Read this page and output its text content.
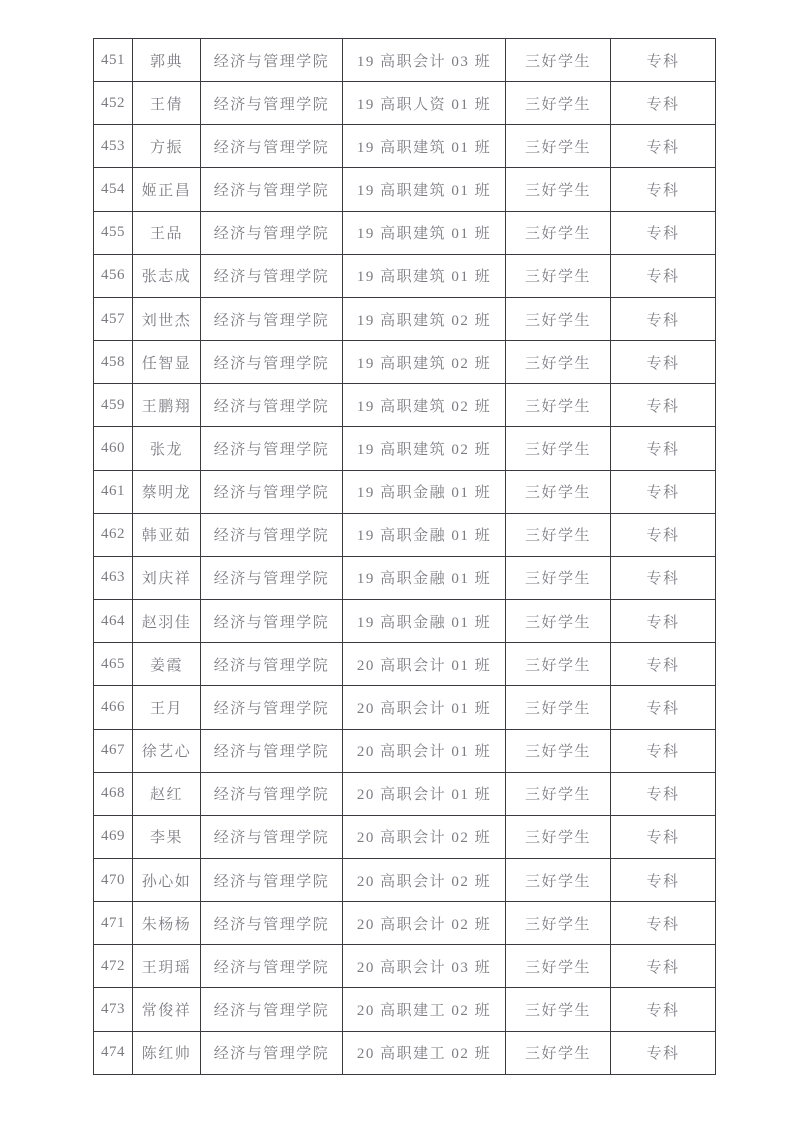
451	郭典	经济与管理学院	19 高职会计 03 班	三好学生	专科
452	王倩	经济与管理学院	19 高职人资 01 班	三好学生	专科
453	方振	经济与管理学院	19 高职建筑 01 班	三好学生	专科
454	姬正昌	经济与管理学院	19 高职建筑 01 班	三好学生	专科
455	王品	经济与管理学院	19 高职建筑 01 班	三好学生	专科
456	张志成	经济与管理学院	19 高职建筑 01 班	三好学生	专科
457	刘世杰	经济与管理学院	19 高职建筑 02 班	三好学生	专科
458	任智显	经济与管理学院	19 高职建筑 02 班	三好学生	专科
459	王鹏翔	经济与管理学院	19 高职建筑 02 班	三好学生	专科
460	张龙	经济与管理学院	19 高职建筑 02 班	三好学生	专科
461	蔡明龙	经济与管理学院	19 高职金融 01 班	三好学生	专科
462	韩亚茹	经济与管理学院	19 高职金融 01 班	三好学生	专科
463	刘庆祥	经济与管理学院	19 高职金融 01 班	三好学生	专科
464	赵羽佳	经济与管理学院	19 高职金融 01 班	三好学生	专科
465	姜霞	经济与管理学院	20 高职会计 01 班	三好学生	专科
466	王月	经济与管理学院	20 高职会计 01 班	三好学生	专科
467	徐艺心	经济与管理学院	20 高职会计 01 班	三好学生	专科
468	赵红	经济与管理学院	20 高职会计 01 班	三好学生	专科
469	李果	经济与管理学院	20 高职会计 02 班	三好学生	专科
470	孙心如	经济与管理学院	20 高职会计 02 班	三好学生	专科
471	朱杨杨	经济与管理学院	20 高职会计 02 班	三好学生	专科
472	王玥瑶	经济与管理学院	20 高职会计 03 班	三好学生	专科
473	常俊祥	经济与管理学院	20 高职建工 02 班	三好学生	专科
474	陈红帅	经济与管理学院	20 高职建工 02 班	三好学生	专科
